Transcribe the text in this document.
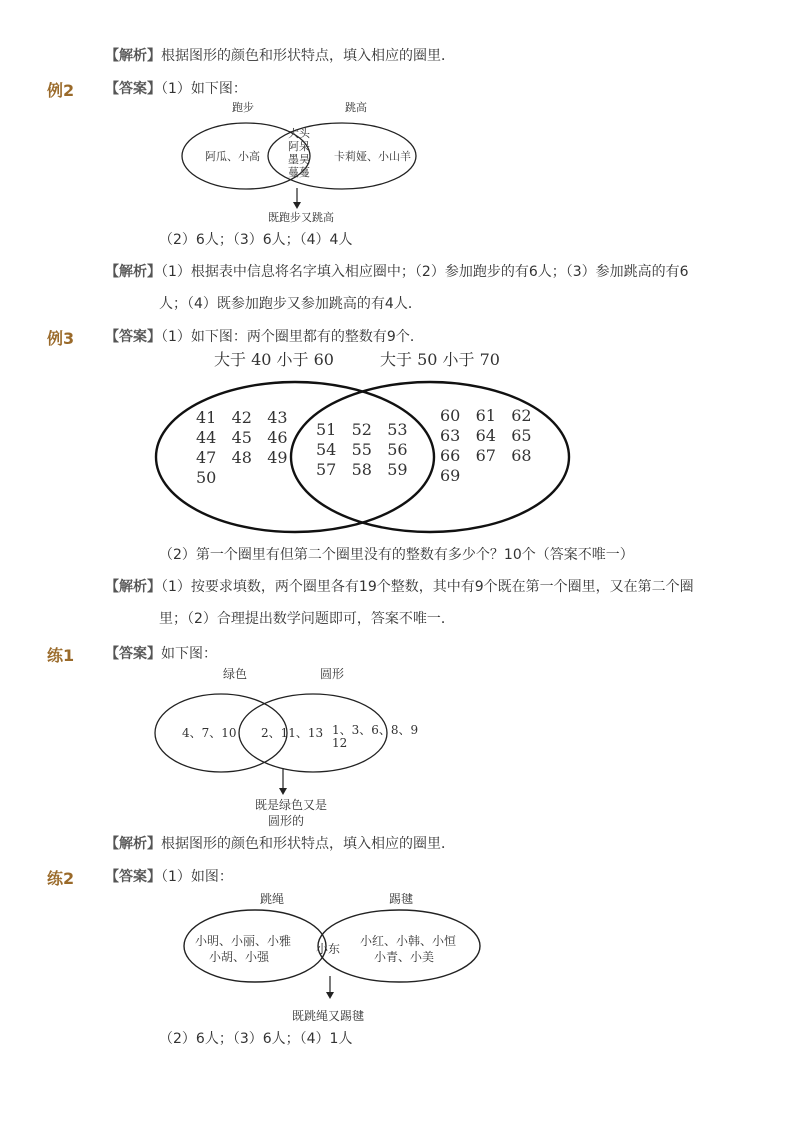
【解析】根据图形的颜色和形状特点，填入相应的圈里．
例2 【答案】（1）如下图：
跑步	跳高
阿瓜、小高
大头
阿呆
墨昊
蔓蔓
卡莉娅、小山羊
既跑步又跳高
（2）6人；（3）6人；（4）4人
【解析】（1）根据表中信息将名字填入相应圈中；（2）参加跑步的有6人；（3）参加跳高的有6
人；（4）既参加跑步又参加跳高的有4人．
例3 【答案】（1）如下图：两个圈里都有的整数有9个．
大于 40 小于 60	大于 50 小于 70
41 42 43
44 45 46
47 48 49
50
51 52 53
54 55 56
57 58 59
60 61 62
63 64 65
66 67 68
69
（2）第一个圈里有但第二个圈里没有的整数有多少个？10个（答案不唯一）
【解析】（1）按要求填数，两个圈里各有19个整数，其中有9个既在第一个圈里，又在第二个圈
里；（2）合理提出数学问题即可，答案不唯一．
练1 【答案】如下图：
绿色	圆形
4、7、10 2、11、13 1、3、6、8、9
12
既是绿色又是
圆形的
【解析】根据图形的颜色和形状特点，填入相应的圈里．
练2 【答案】（1）如图：
跳绳	踢毽
小明、小丽、小雅
小胡、小强
小东
小红、小韩、小恒
小青、小美
既跳绳又踢毽
（2）6人；（3）6人；（4）1人
